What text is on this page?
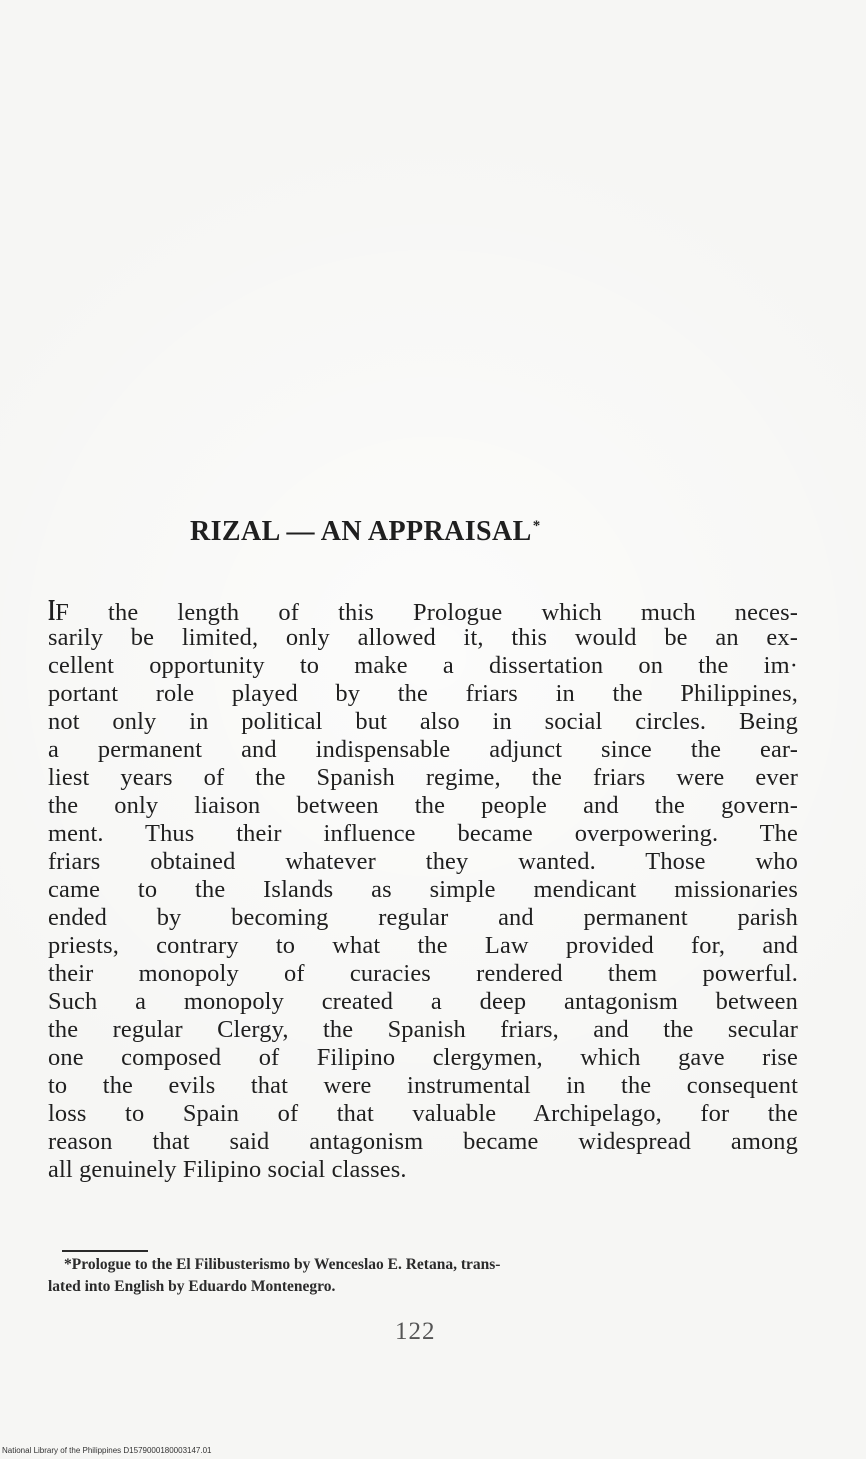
RIZAL — AN APPRAISAL*
IF the length of this Prologue which much neces-
sarily be limited, only allowed it, this would be an ex-
cellent opportunity to make a dissertation on the im·
portant role played by the friars in the Philippines,
not only in political but also in social circles. Being
a permanent and indispensable adjunct since the ear-
liest years of the Spanish regime, the friars were ever
the only liaison between the people and the govern-
ment. Thus their influence became overpowering. The
friars obtained whatever they wanted. Those who
came to the Islands as simple mendicant missionaries
ended by becoming regular and permanent parish
priests, contrary to what the Law provided for, and
their monopoly of curacies rendered them powerful.
Such a monopoly created a deep antagonism between
the regular Clergy, the Spanish friars, and the secular
one composed of Filipino clergymen, which gave rise
to the evils that were instrumental in the consequent
loss to Spain of that valuable Archipelago, for the
reason that said antagonism became widespread among
all genuinely Filipino social classes.
*Prologue to the El Filibusterismo by Wenceslao E. Retana, trans-
lated into English by Eduardo Montenegro.
122
National Library of the Philippines D1579000180003147.01
